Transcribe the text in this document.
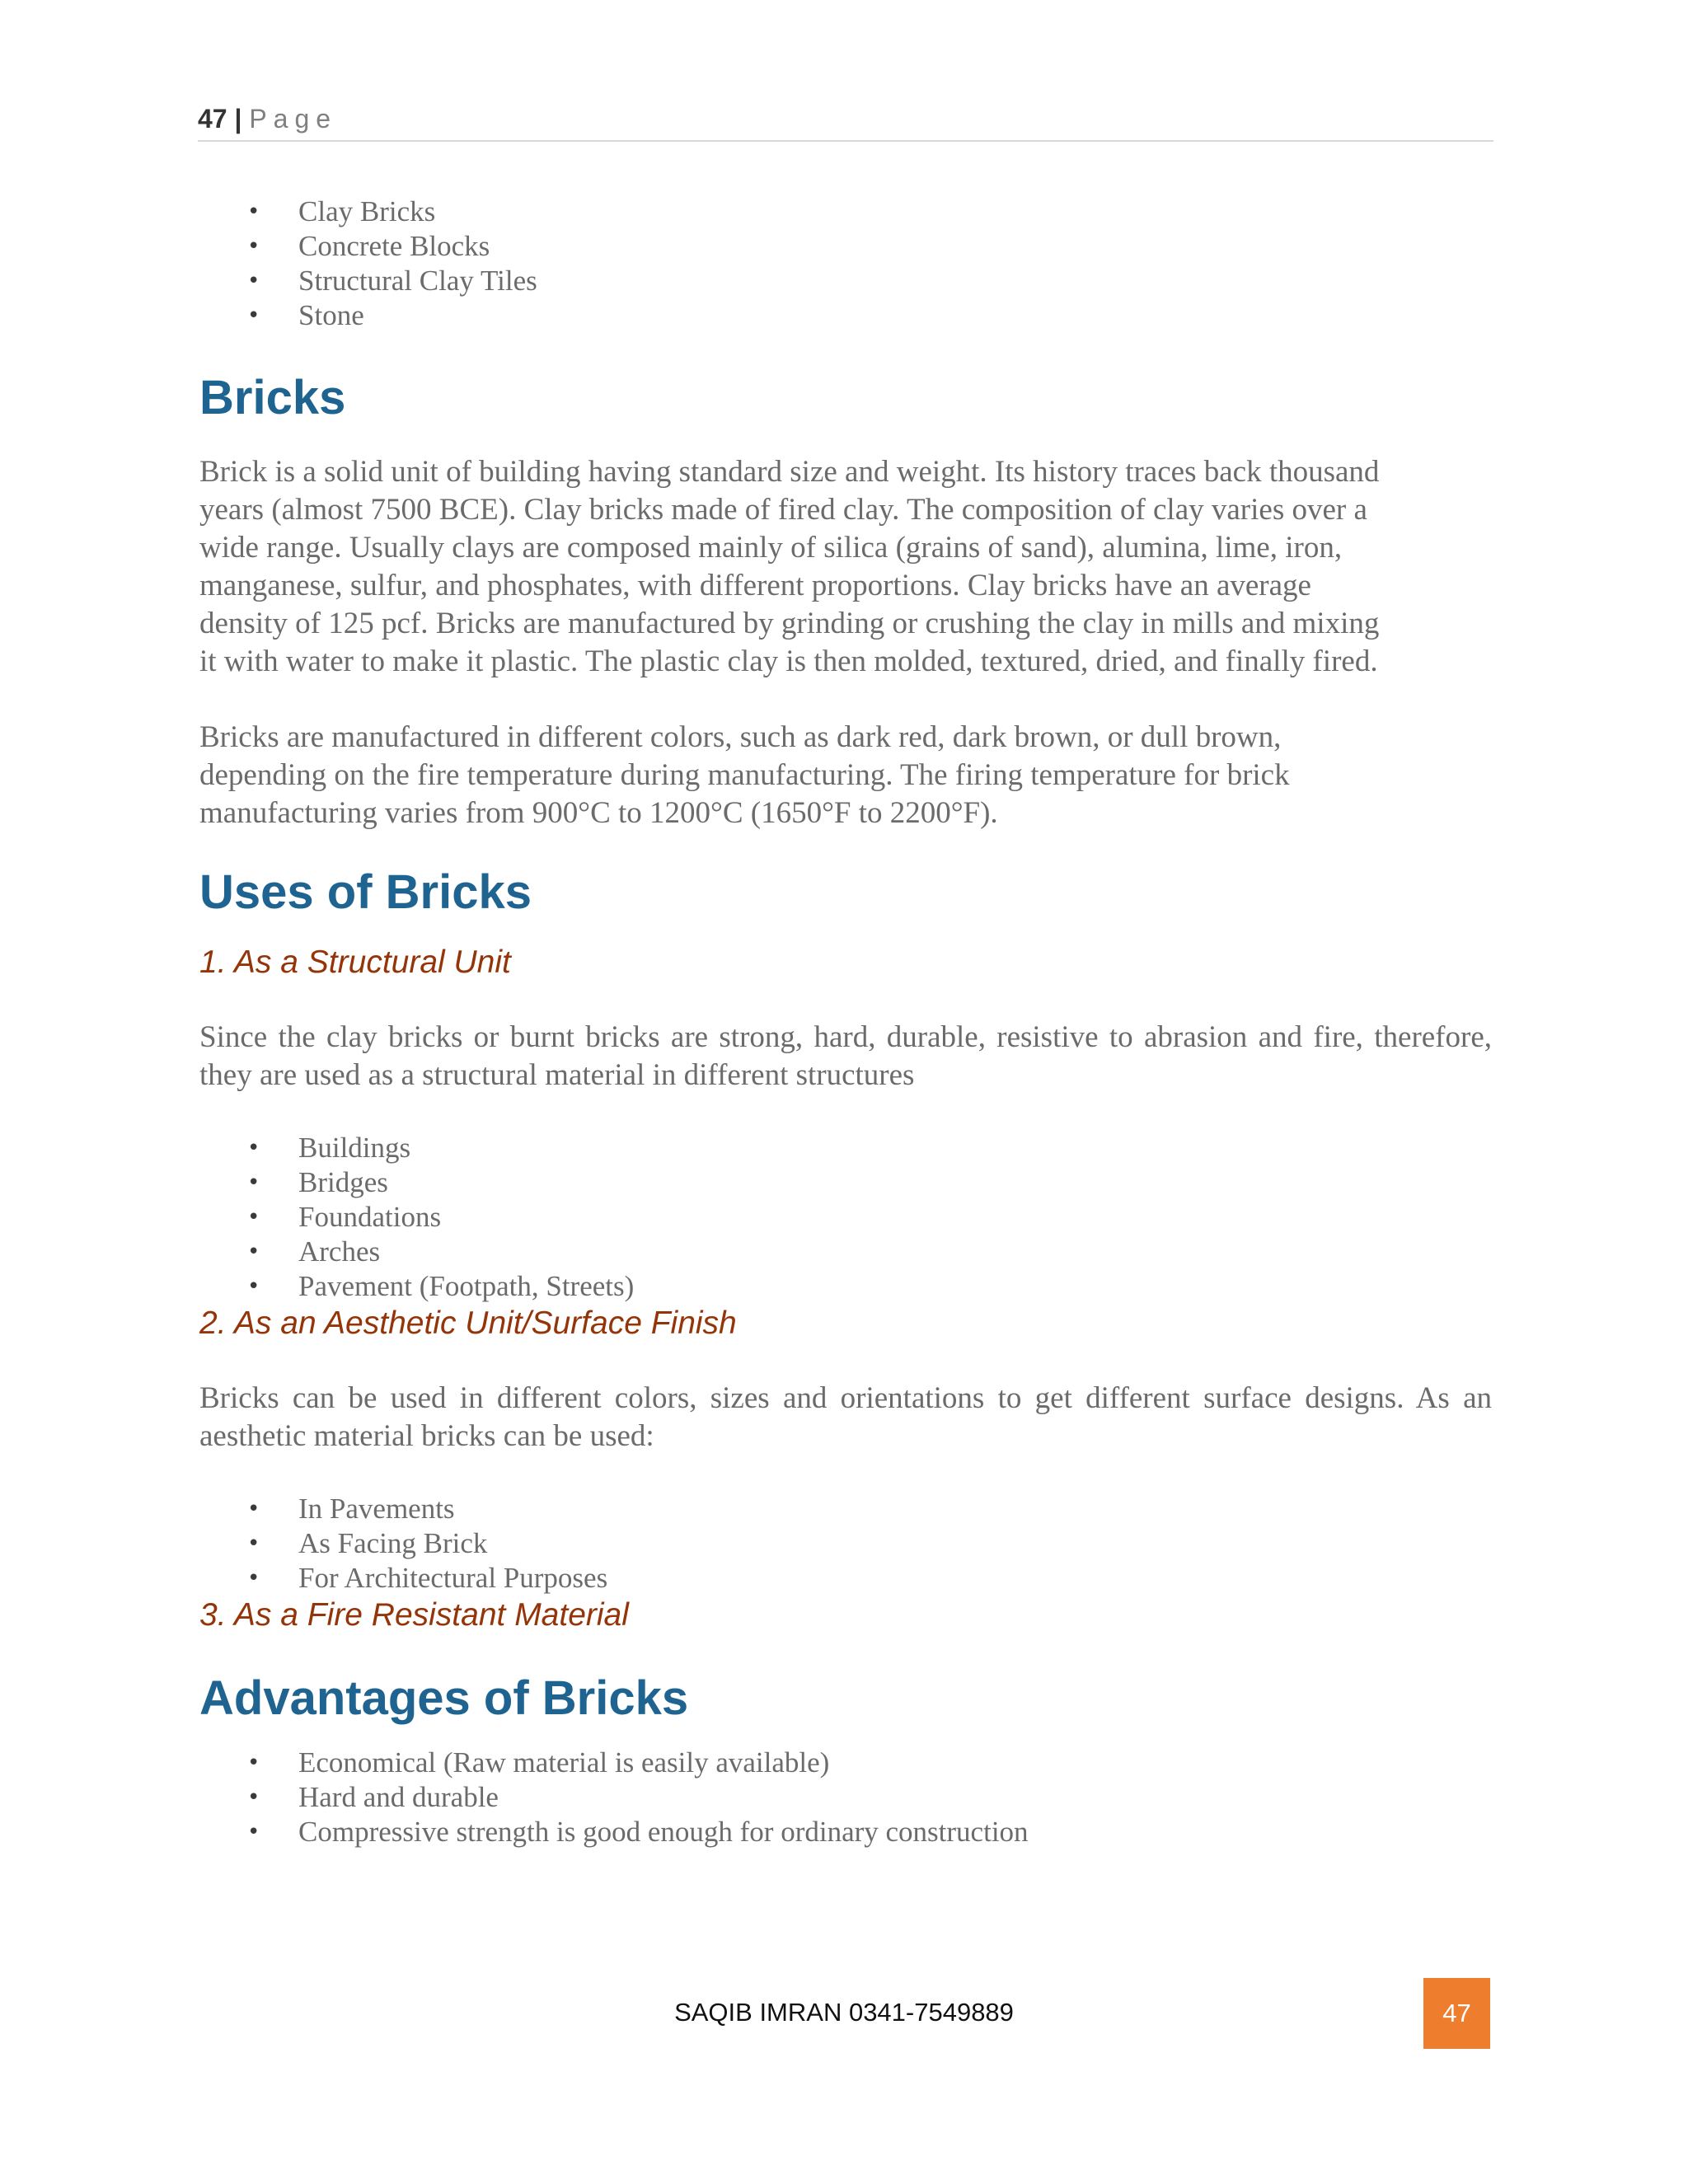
47 | Page
• Clay Bricks
• Concrete Blocks
• Structural Clay Tiles
• Stone
Bricks

Brick is a solid unit of building having standard size and weight. Its history traces back thousand
years (almost 7500 BCE). Clay bricks made of fired clay. The composition of clay varies over a
wide range. Usually clays are composed mainly of silica (grains of sand), alumina, lime, iron,
manganese, sulfur, and phosphates, with different proportions. Clay bricks have an average
density of 125 pcf. Bricks are manufactured by grinding or crushing the clay in mills and mixing
it with water to make it plastic. The plastic clay is then molded, textured, dried, and finally fired.

Bricks are manufactured in different colors, such as dark red, dark brown, or dull brown,
depending on the fire temperature during manufacturing. The firing temperature for brick
manufacturing varies from 900°C to 1200°C (1650°F to 2200°F).

Uses of Bricks
1. As a Structural Unit

Since the clay bricks or burnt bricks are strong, hard, durable, resistive to abrasion and fire, therefore, they are used as a structural material in different structures

• Buildings
• Bridges
• Foundations
• Arches
• Pavement (Footpath, Streets)
2. As an Aesthetic Unit/Surface Finish

Bricks can be used in different colors, sizes and orientations to get different surface designs. As an aesthetic material bricks can be used:

• In Pavements
• As Facing Brick
• For Architectural Purposes
3. As a Fire Resistant Material
Advantages of Bricks
• Economical (Raw material is easily available)
• Hard and durable
• Compressive strength is good enough for ordinary construction
SAQIB IMRAN 0341-7549889	47
